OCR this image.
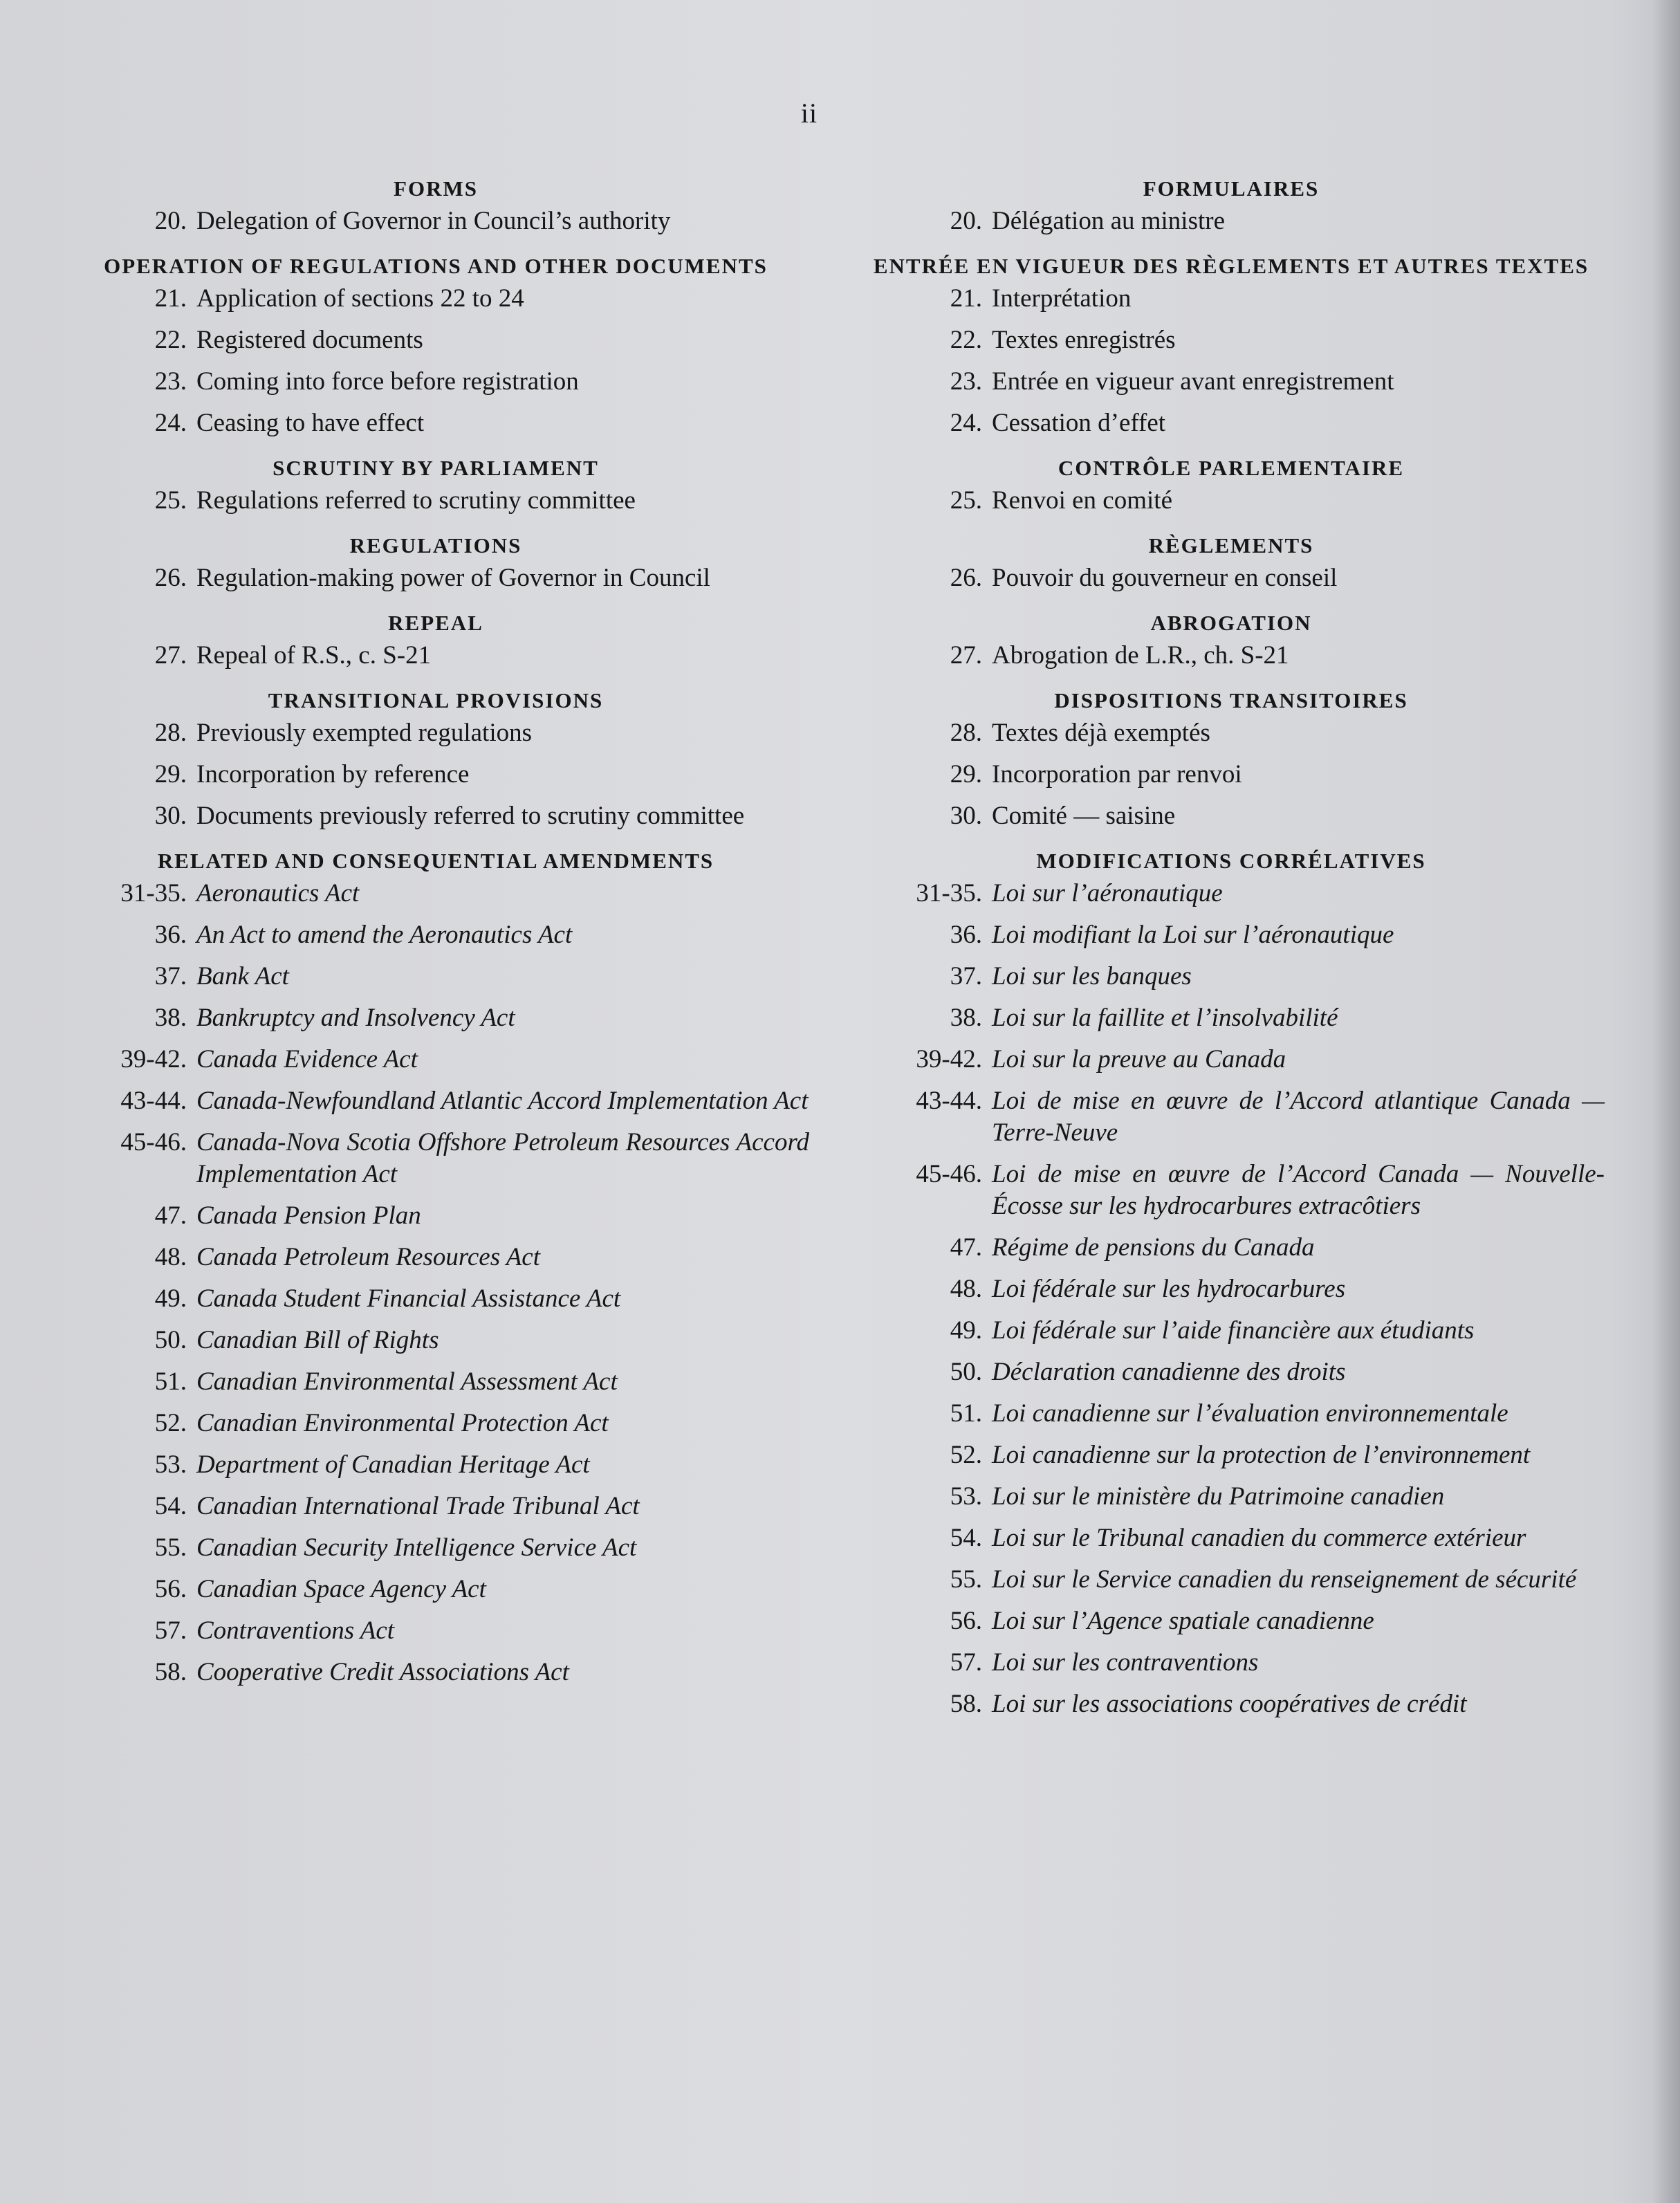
ii
FORMS
20. Delegation of Governor in Council’s authority
OPERATION OF REGULATIONS AND OTHER DOCUMENTS
21. Application of sections 22 to 24
22. Registered documents
23. Coming into force before registration
24. Ceasing to have effect
SCRUTINY BY PARLIAMENT
25. Regulations referred to scrutiny committee
REGULATIONS
26. Regulation-making power of Governor in Council
REPEAL
27. Repeal of R.S., c. S-21
TRANSITIONAL PROVISIONS
28. Previously exempted regulations
29. Incorporation by reference
30. Documents previously referred to scrutiny committee
RELATED AND CONSEQUENTIAL AMENDMENTS
31-35. Aeronautics Act
36. An Act to amend the Aeronautics Act
37. Bank Act
38. Bankruptcy and Insolvency Act
39-42. Canada Evidence Act
43-44. Canada-Newfoundland Atlantic Accord Implementation Act
45-46. Canada-Nova Scotia Offshore Petroleum Resources Accord Implementation Act
47. Canada Pension Plan
48. Canada Petroleum Resources Act
49. Canada Student Financial Assistance Act
50. Canadian Bill of Rights
51. Canadian Environmental Assessment Act
52. Canadian Environmental Protection Act
53. Department of Canadian Heritage Act
54. Canadian International Trade Tribunal Act
55. Canadian Security Intelligence Service Act
56. Canadian Space Agency Act
57. Contraventions Act
58. Cooperative Credit Associations Act
FORMULAIRES
20. Délégation au ministre
ENTRÉE EN VIGUEUR DES RÈGLEMENTS ET AUTRES TEXTES
21. Interprétation
22. Textes enregistrés
23. Entrée en vigueur avant enregistrement
24. Cessation d’effet
CONTRÔLE PARLEMENTAIRE
25. Renvoi en comité
RÈGLEMENTS
26. Pouvoir du gouverneur en conseil
ABROGATION
27. Abrogation de L.R., ch. S-21
DISPOSITIONS TRANSITOIRES
28. Textes déjà exemptés
29. Incorporation par renvoi
30. Comité — saisine
MODIFICATIONS CORRÉLATIVES
31-35. Loi sur l’aéronautique
36. Loi modifiant la Loi sur l’aéronautique
37. Loi sur les banques
38. Loi sur la faillite et l’insolvabilité
39-42. Loi sur la preuve au Canada
43-44. Loi de mise en œuvre de l’Accord atlantique Canada — Terre-Neuve
45-46. Loi de mise en œuvre de l’Accord Canada — Nouvelle-Écosse sur les hydrocarbures extracôtiers
47. Régime de pensions du Canada
48. Loi fédérale sur les hydrocarbures
49. Loi fédérale sur l’aide financière aux étudiants
50. Déclaration canadienne des droits
51. Loi canadienne sur l’évaluation environnementale
52. Loi canadienne sur la protection de l’environnement
53. Loi sur le ministère du Patrimoine canadien
54. Loi sur le Tribunal canadien du commerce extérieur
55. Loi sur le Service canadien du renseignement de sécurité
56. Loi sur l’Agence spatiale canadienne
57. Loi sur les contraventions
58. Loi sur les associations coopératives de crédit
